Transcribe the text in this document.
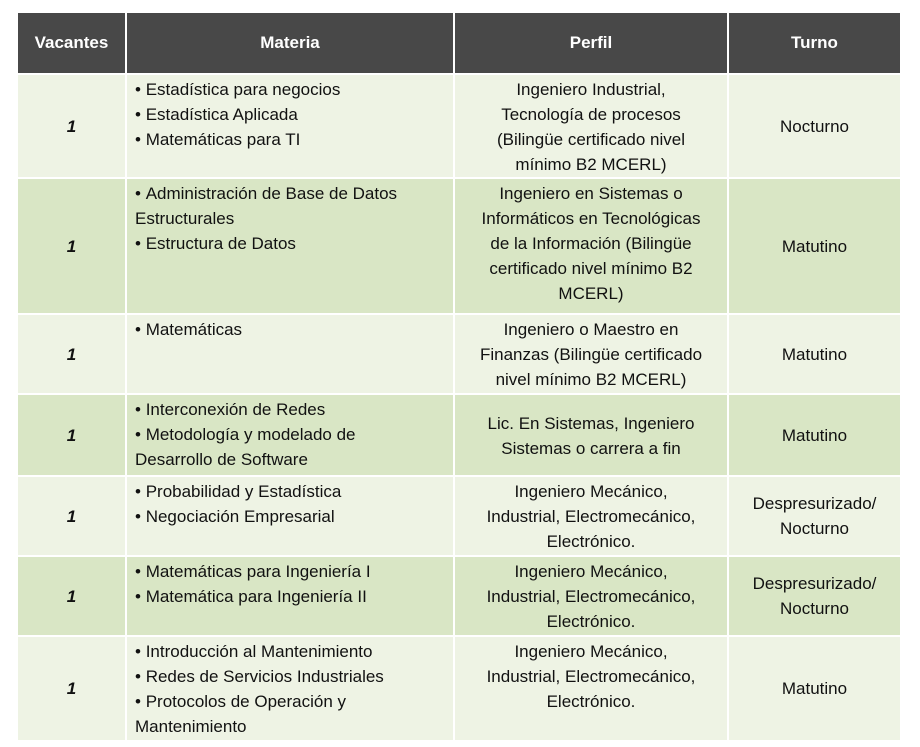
Vacantes	Materia	Perfil	Turno
1	• Estadística para negocios
• Estadística Aplicada
• Matemáticas para TI	Ingeniero Industrial,
Tecnología de procesos
(Bilingüe certificado nivel
mínimo B2 MCERL)	Nocturno

1	• Administración de Base de Datos
Estructurales
• Estructura de Datos	Ingeniero en Sistemas o
Informáticos en Tecnológicas
de la Información (Bilingüe
certificado nivel mínimo B2
MCERL)	Matutino

1	• Matemáticas	Ingeniero o Maestro en
Finanzas (Bilingüe certificado
nivel mínimo B2 MCERL)	Matutino

1	• Interconexión de Redes
• Metodología y modelado de
Desarrollo de Software	Lic. En Sistemas, Ingeniero
Sistemas o carrera a fin	Matutino

1	• Probabilidad y Estadística
• Negociación Empresarial	Ingeniero Mecánico,
Industrial, Electromecánico,
Electrónico.	Despresurizado/
Nocturno

1	• Matemáticas para Ingeniería I
• Matemática para Ingeniería II	Ingeniero Mecánico,
Industrial, Electromecánico,
Electrónico.	Despresurizado/
Nocturno

1	• Introducción al Mantenimiento
• Redes de Servicios Industriales
• Protocolos de Operación y
Mantenimiento	Ingeniero Mecánico,
Industrial, Electromecánico,
Electrónico.	Matutino
